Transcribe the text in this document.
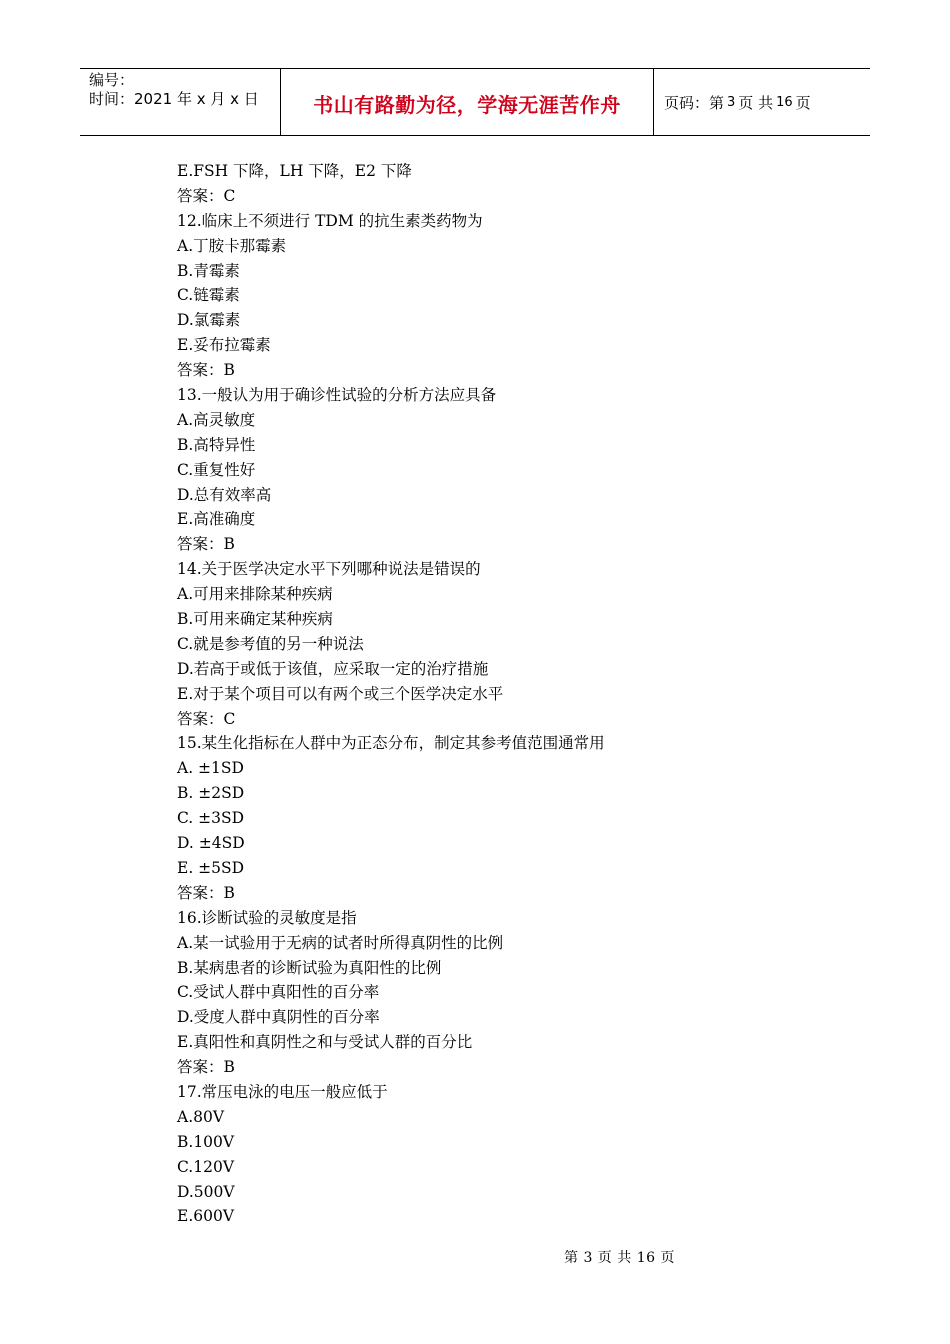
编号：
时间：2021 年 x 月 x 日	书山有路勤为径，学海无涯苦作舟	页码：第 3 页 共 16 页
E.FSH 下降，LH 下降，E2 下降
答案：C
12.临床上不须进行 TDM 的抗生素类药物为
A.丁胺卡那霉素
B.青霉素
C.链霉素
D.氯霉素
E.妥布拉霉素
答案：B
13.一般认为用于确诊性试验的分析方法应具备
A.高灵敏度
B.高特异性
C.重复性好
D.总有效率高
E.高准确度
答案：B
14.关于医学决定水平下列哪种说法是错误的
A.可用来排除某种疾病
B.可用来确定某种疾病
C.就是参考值的另一种说法
D.若高于或低于该值，应采取一定的治疗措施
E.对于某个项目可以有两个或三个医学决定水平
答案：C
15.某生化指标在人群中为正态分布，制定其参考值范围通常用
A. ±1SD
B. ±2SD
C. ±3SD
D. ±4SD
E. ±5SD
答案：B
16.诊断试验的灵敏度是指
A.某一试验用于无病的试者时所得真阴性的比例
B.某病患者的诊断试验为真阳性的比例
C.受试人群中真阳性的百分率
D.受度人群中真阴性的百分率
E.真阳性和真阴性之和与受试人群的百分比
答案：B
17.常压电泳的电压一般应低于
A.80V
B.100V
C.120V
D.500V
E.600V
第 3 页 共 16 页
